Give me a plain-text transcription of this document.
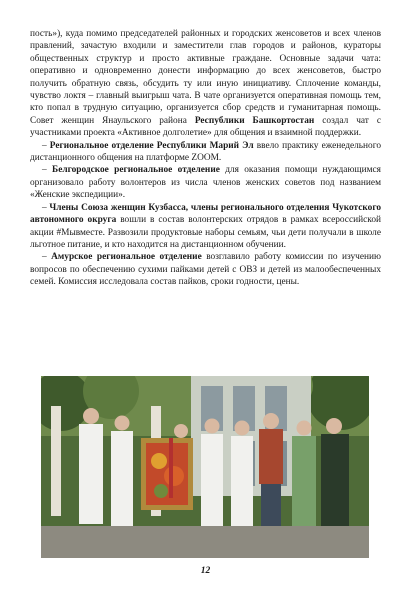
пость»), куда помимо председателей районных и городских женсоветов и всех членов правлений, зачастую входили и заместители глав городов и районов, кураторы общественных структур и просто активные граждане. Основные задачи чата: оперативно и одновременно донести информацию до всех женсоветов, быстро получить обратную связь, обсудить ту или иную инициативу. Сплочение команды, чувство локтя – главный выигрыш чата. В чате организуется оперативная помощь тем, кто попал в трудную ситуацию, организуется сбор средств и гуманитарная помощь. Совет женщин Янаульского района Республики Башкортостан создал чат с участниками проекта «Активное долголетие» для общения и взаимной поддержки.

– Региональное отделение Республики Марий Эл ввело практику еженедельного дистанционного общения на платформе ZOOM.

– Белгородское региональное отделение для оказания помощи нуждающимся организовало работу волонтеров из числа членов женских советов под названием «Женские экспедиции».

– Члены Союза женщин Кузбасса, члены регионального отделения Чукотского автономного округа вошли в состав волонтерских отрядов в рамках всероссийской акции #Мывместе. Развозили продуктовые наборы семьям, чьи дети получали в школе льготное питание, и кто находится на дистанционном обучении.

– Амурское региональное отделение возглавило работу комиссии по изучению вопросов по обеспечению сухими пайками детей с ОВЗ и детей из малообеспеченных семей. Комиссия исследовала состав пайков, сроки годности, цены.

12
